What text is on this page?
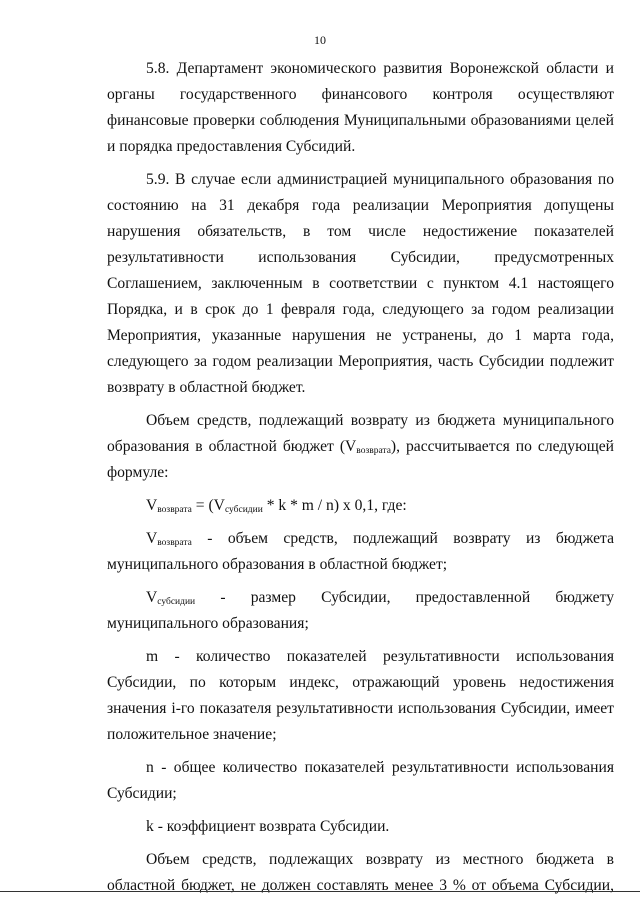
10

5.8. Департамент экономического развития Воронежской области и органы государственного финансового контроля осуществляют финансовые проверки соблюдения Муниципальными образованиями целей и порядка предоставления Субсидий.

5.9. В случае если администрацией муниципального образования по состоянию на 31 декабря года реализации Мероприятия допущены нарушения обязательств, в том числе недостижение показателей результативности использования Субсидии, предусмотренных Соглашением, заключенным в соответствии с пунктом 4.1 настоящего Порядка, и в срок до 1 февраля года, следующего за годом реализации Мероприятия, указанные нарушения не устранены, до 1 марта года, следующего за годом реализации Мероприятия, часть Субсидии подлежит возврату в областной бюджет.

Объем средств, подлежащий возврату из бюджета муниципального образования в областной бюджет $(V_{возврата})$, рассчитывается по следующей формуле:

$V_{возврата} = (V_{субсидии} * k * m / n)$ x 0,1, где:

$V_{возврата}$ - объем средств, подлежащий возврату из бюджета

муниципального образования в областной бюджет;

$V_{субсидии}$ - размер Субсидии, предоставленной бюджету муниципального образования;

m - количество показателей результативности использования Субсидии, по которым индекс, отражающий уровень недостижения значения i-го показателя результативности использования Субсидии, имеет положительное значение;

n - общее количество показателей результативности использования Субсидии;

k - коэффициент возврата Субсидии.

Объем средств, подлежащих возврату из местного бюджета в областной бюджет, не должен составлять менее 3 % от объема Субсидии,
